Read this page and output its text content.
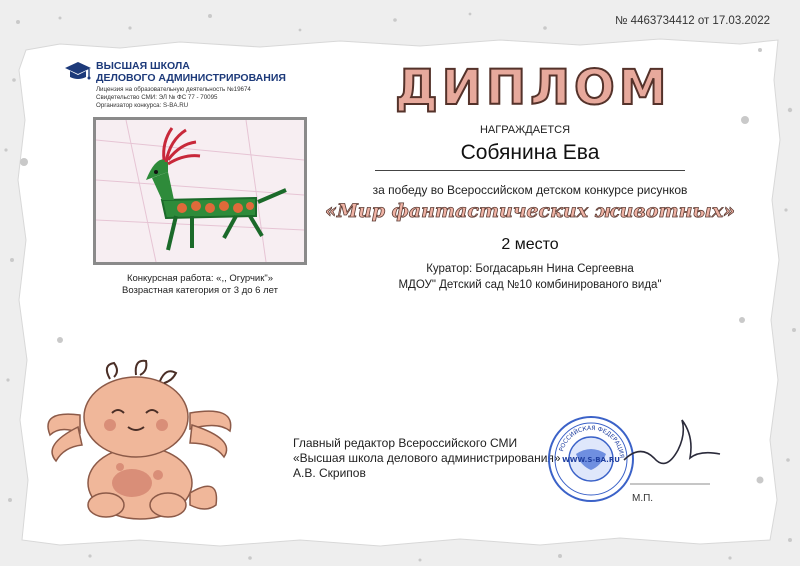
№ 4463734412 от 17.03.2022
ВЫСШАЯ ШКОЛА
ДЕЛОВОГО АДМИНИСТРИРОВАНИЯ
Лицензия на образовательную деятельность №19674
Свидетельство СМИ: ЭЛ № ФС 77 - 70095
Организатор конкурса: S-BA.RU
Конкурсная работа: «,, Огурчик"»
Возрастная категория от 3 до 6 лет
ДИПЛОМ
НАГРАЖДАЕТСЯ
Собянина Ева
за победу во Всероссийском детском конкурсе рисунков
«Мир фантастических животных»
2 место
Куратор: Богдасарьян Нина Сергеевна
МДОУ" Детский сад №10 комбинированого вида"
Главный редактор Всероссийского СМИ
«Высшая школа делового администрирования»
А.В. Скрипов
WWW.S-BA.RU
РОССИЙСКАЯ ФЕДЕРАЦИЯ
М.П.
